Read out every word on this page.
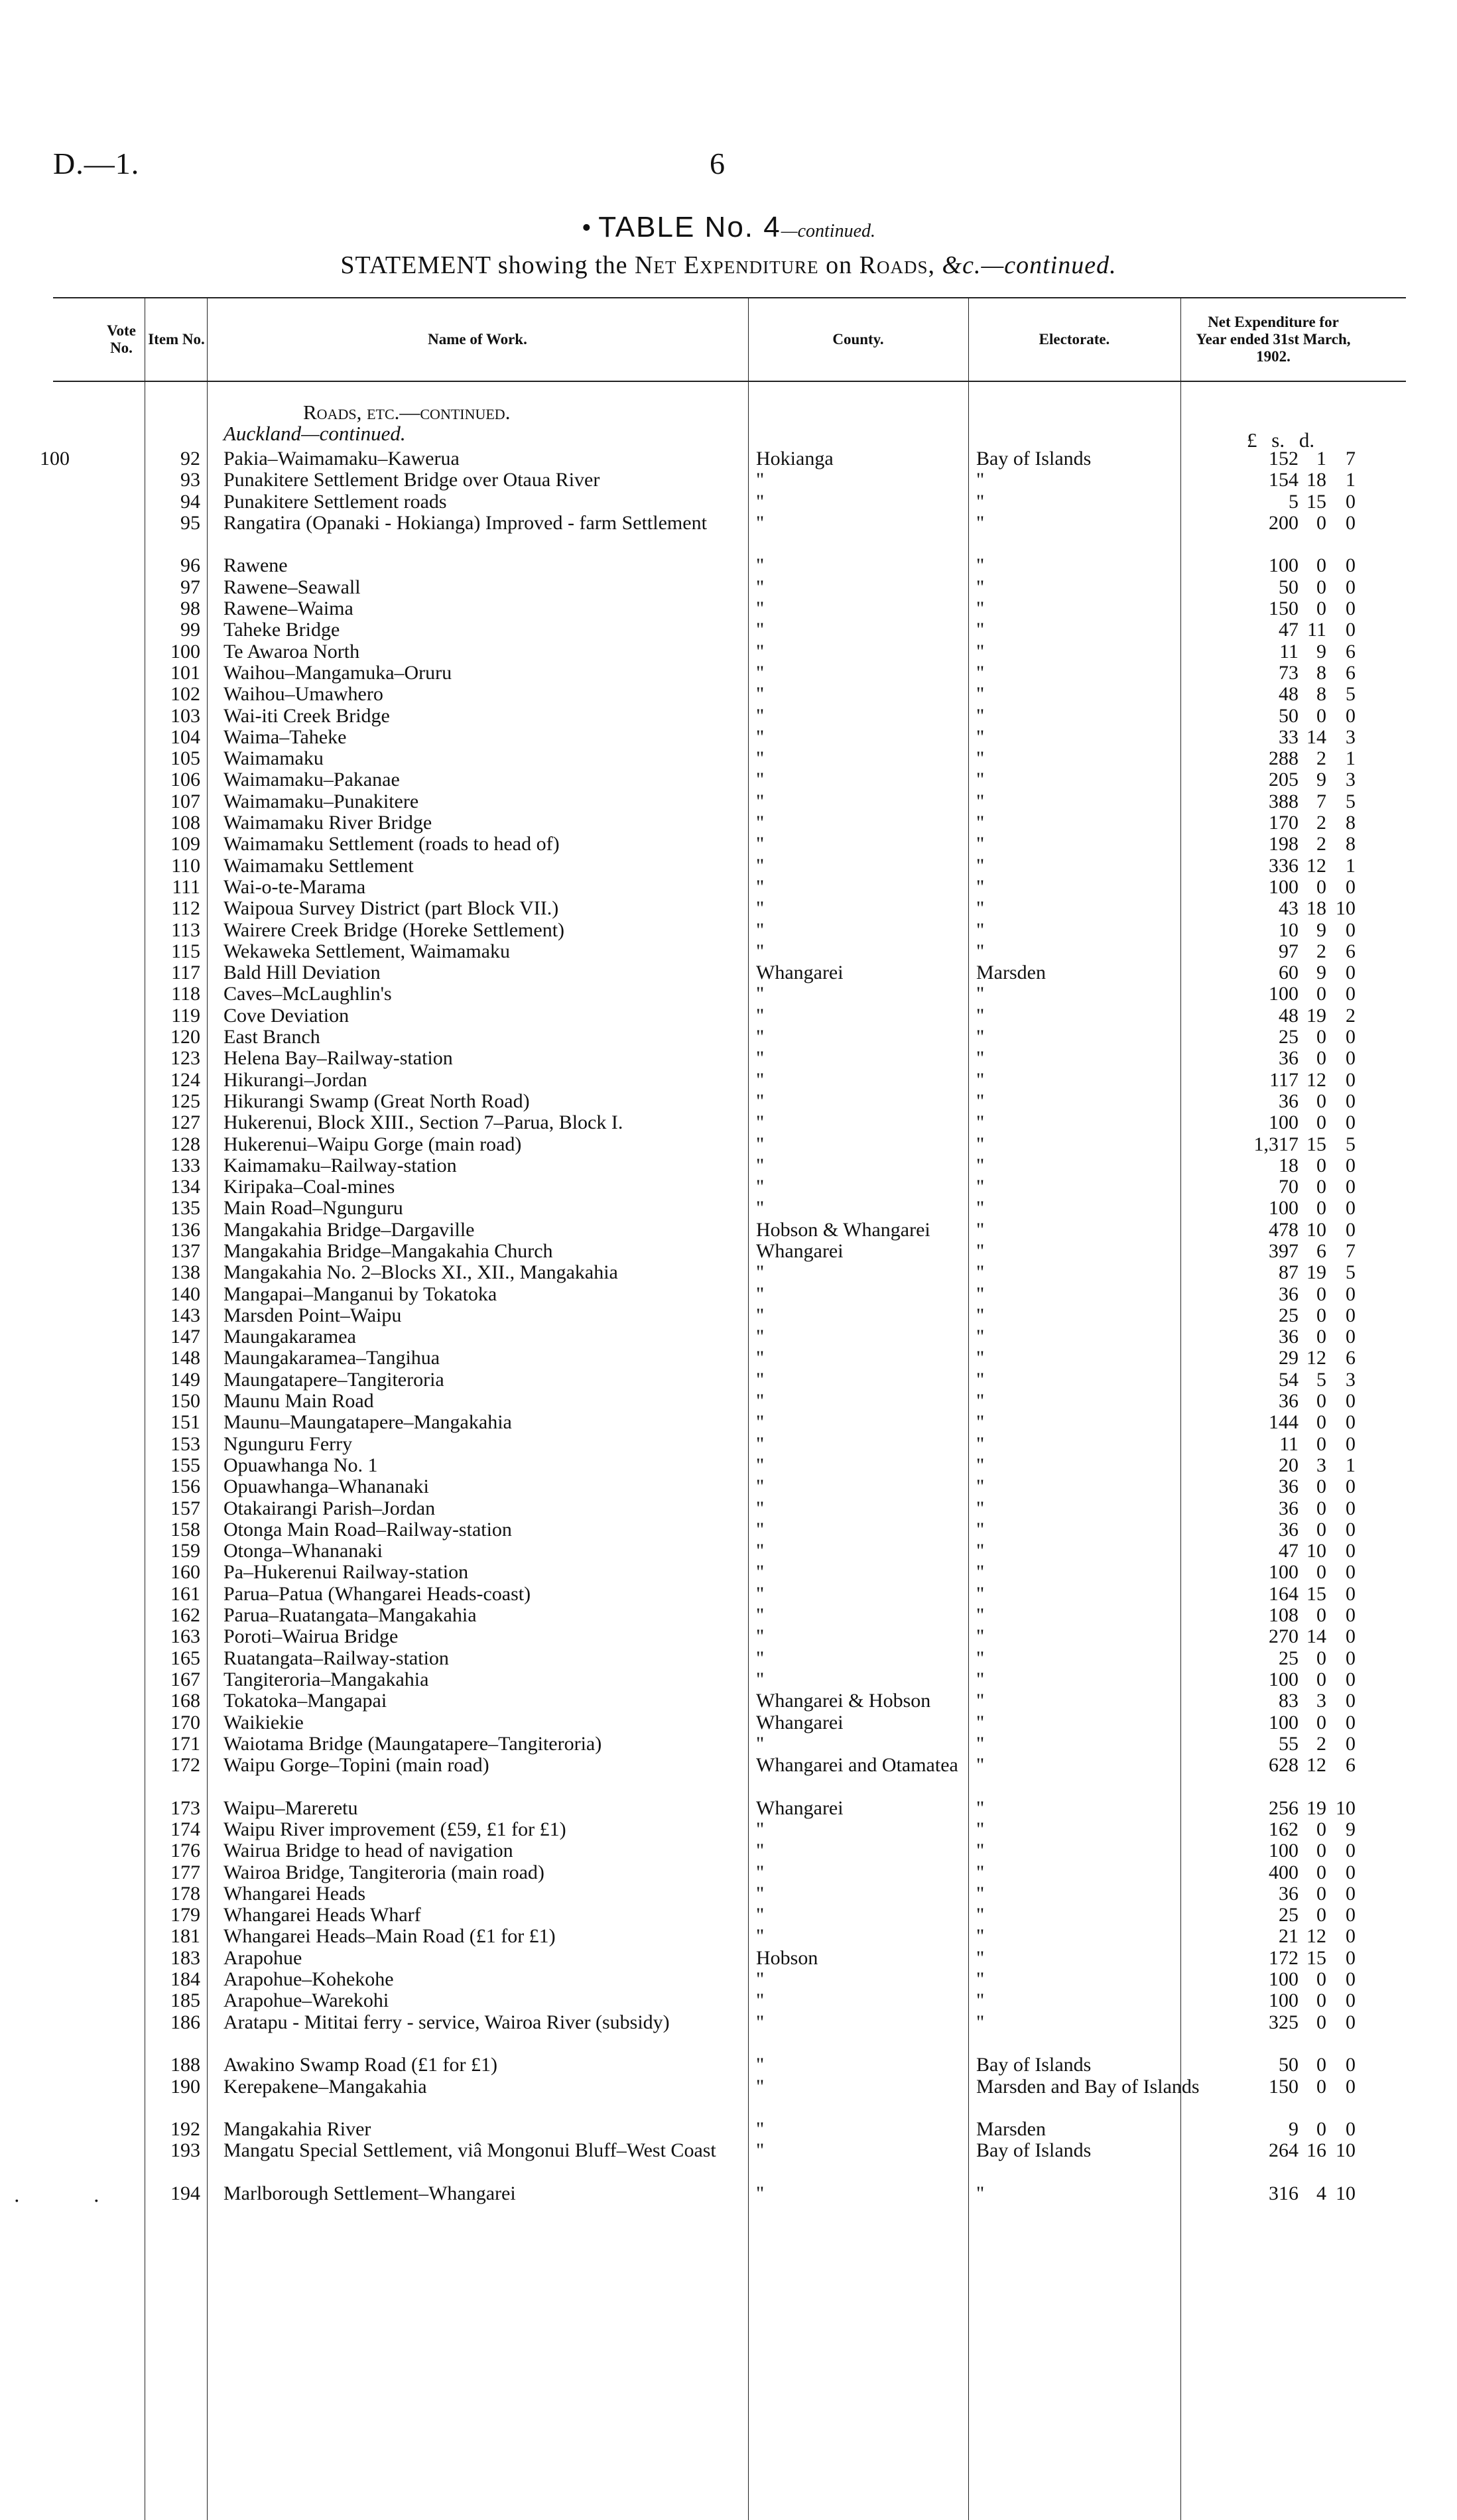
D.—1.	6
• TABLE No. 4—continued.
STATEMENT showing the Net Expenditure on Roads, &c.—continued.
Vote No.
Item No.	Name of Work.	County.	Electorate.
Net Expenditure for Year ended 31st March, 1902.
Roads, etc.—continued.
Auckland—continued.	£ s. d.
·	·
100	92 Pakia–Waimamaku–Kawerua	Hokianga	Bay of Islands	152 1 7
93 Punakitere Settlement Bridge over Otaua River	"	"	154 18 1
94 Punakitere Settlement roads	"	"	5 15 0
95 Rangatira (Opanaki - Hokianga) Improved - farm Settlement	"	"	200 0 0
96 Rawene	"	"	100 0 0
97 Rawene–Seawall	"	"	50 0 0
98 Rawene–Waima	"	"	150 0 0
99 Taheke Bridge	"	"	47 11 0
100 Te Awaroa North	"	"	11 9 6
101 Waihou–Mangamuka–Oruru	"	"	73 8 6
102 Waihou–Umawhero	"	"	48 8 5
103 Wai-iti Creek Bridge	"	"	50 0 0
104 Waima–Taheke	"	"	33 14 3
105 Waimamaku	"	"	288 2 1
106 Waimamaku–Pakanae	"	"	205 9 3
107 Waimamaku–Punakitere	"	"	388 7 5
108 Waimamaku River Bridge	"	"	170 2 8
109 Waimamaku Settlement (roads to head of)	"	"	198 2 8
110 Waimamaku Settlement	"	"	336 12 1
111 Wai-o-te-Marama	"	"	100 0 0
112 Waipoua Survey District (part Block VII.)	"	"	43 18 10
113 Wairere Creek Bridge (Horeke Settlement)	"	"	10 9 0
115 Wekaweka Settlement, Waimamaku	"	"	97 2 6
117 Bald Hill Deviation	Whangarei	Marsden	60 9 0
118 Caves–McLaughlin's	"	"	100 0 0
119 Cove Deviation	"	"	48 19 2
120 East Branch	"	"	25 0 0
123 Helena Bay–Railway-station	"	"	36 0 0
124 Hikurangi–Jordan	"	"	117 12 0
125 Hikurangi Swamp (Great North Road)	"	"	36 0 0
127 Hukerenui, Block XIII., Section 7–Parua, Block I.	"	"	100 0 0
128 Hukerenui–Waipu Gorge (main road)	"	"	1,317 15 5
133 Kaimamaku–Railway-station	"	"	18 0 0
134 Kiripaka–Coal-mines	"	"	70 0 0
135 Main Road–Ngunguru	"	"	100 0 0
136 Mangakahia Bridge–Dargaville	Hobson & Whangarei	"	478 10 0
137 Mangakahia Bridge–Mangakahia Church	Whangarei	"	397 6 7
138 Mangakahia No. 2–Blocks XI., XII., Mangakahia	"	"	87 19 5
140 Mangapai–Manganui by Tokatoka	"	"	36 0 0
143 Marsden Point–Waipu	"	"	25 0 0
147 Maungakaramea	"	"	36 0 0
148 Maungakaramea–Tangihua	"	"	29 12 6
149 Maungatapere–Tangiteroria	"	"	54 5 3
150 Maunu Main Road	"	"	36 0 0
151 Maunu–Maungatapere–Mangakahia	"	"	144 0 0
153 Ngunguru Ferry	"	"	11 0 0
155 Opuawhanga No. 1	"	"	20 3 1
156 Opuawhanga–Whananaki	"	"	36 0 0
157 Otakairangi Parish–Jordan	"	"	36 0 0
158 Otonga Main Road–Railway-station	"	"	36 0 0
159 Otonga–Whananaki	"	"	47 10 0
160 Pa–Hukerenui Railway-station	"	"	100 0 0
161 Parua–Patua (Whangarei Heads-coast)	"	"	164 15 0
162 Parua–Ruatangata–Mangakahia	"	"	108 0 0
163 Poroti–Wairua Bridge	"	"	270 14 0
165 Ruatangata–Railway-station	"	"	25 0 0
167 Tangiteroria–Mangakahia	"	"	100 0 0
168 Tokatoka–Mangapai	Whangarei & Hobson	"	83 3 0
170 Waikiekie	Whangarei	"	100 0 0
171 Waiotama Bridge (Maungatapere–Tangiteroria)	"	"	55 2 0
172 Waipu Gorge–Topini (main road)	Whangarei and Otamatea "	628 12 6
173 Waipu–Mareretu	Whangarei	"	256 19 10
174 Waipu River improvement (£59, £1 for £1)	"	"	162 0 9
176 Wairua Bridge to head of navigation	"	"	100 0 0
177 Wairoa Bridge, Tangiteroria (main road)	"	"	400 0 0
178 Whangarei Heads	"	"	36 0 0
179 Whangarei Heads Wharf	"	"	25 0 0
181 Whangarei Heads–Main Road (£1 for £1)	"	"	21 12 0
183 Arapohue	Hobson	"	172 15 0
184 Arapohue–Kohekohe	"	"	100 0 0
185 Arapohue–Warekohi	"	"	100 0 0
186 Aratapu - Mititai ferry - service, Wairoa River (subsidy)	"	"	325 0 0
188 Awakino Swamp Road (£1 for £1)	"	Bay of Islands	50 0 0
190 Kerepakene–Mangakahia	"	Marsden and Bay of Islands	150 0 0
192 Mangakahia River	"	Marsden	9 0 0
193 Mangatu Special Settlement, viâ Mongonui Bluff–West Coast	"	Bay of Islands	264 16 10
194 Marlborough Settlement–Whangarei	"	"	316 4 10
